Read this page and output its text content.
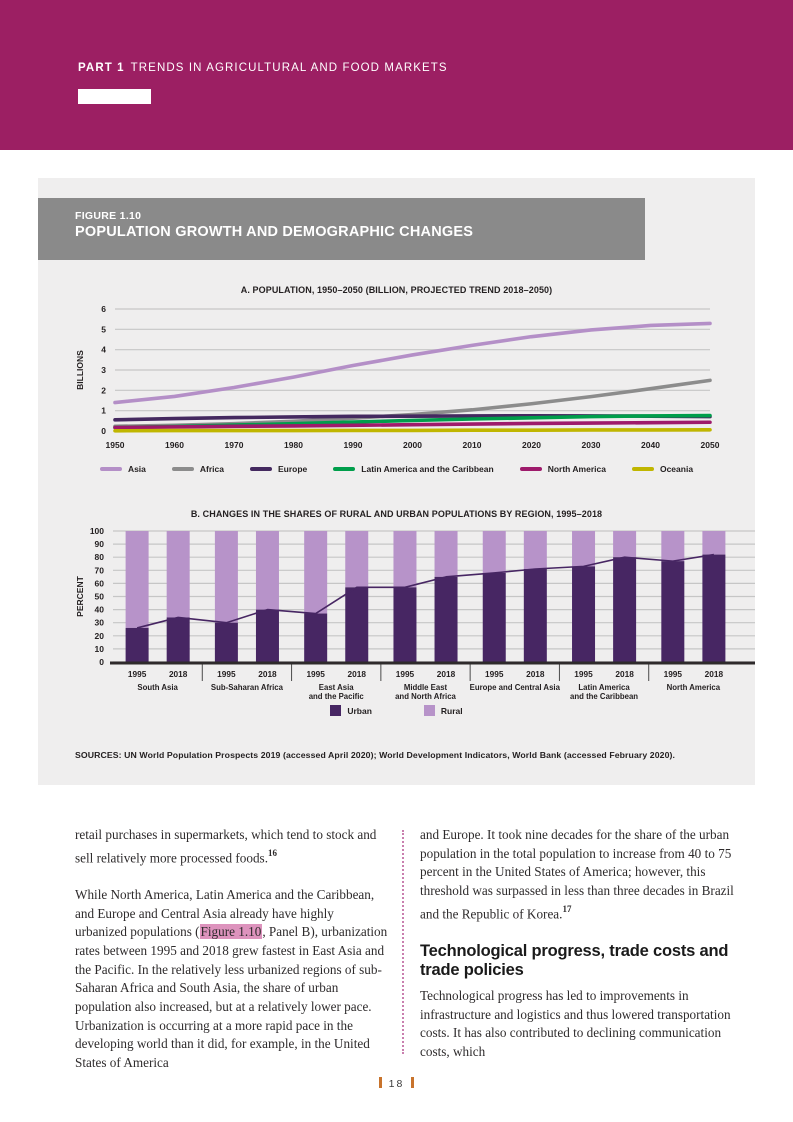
PART 1 TRENDS IN AGRICULTURAL AND FOOD MARKETS
FIGURE 1.10
POPULATION GROWTH AND DEMOGRAPHIC CHANGES
A. POPULATION, 1950–2050 (BILLION, PROJECTED TREND 2018–2050)
0
1
2
3
4
5
6
BILLIONS
1950	1960	1970	1980	1990	2000	2010	2020	2030	2040	2050
Asia	Africa	Europe	Latin America and the Caribbean	North America	Oceania
B. CHANGES IN THE SHARES OF RURAL AND URBAN POPULATIONS BY REGION, 1995–2018
0
10
20
30
40
50
60
70
80
90
100
PERCENT
1995	2018
South Asia
1995	2018
Sub-Saharan Africa
1995	2018
East Asia
and the Pacific
1995	2018
Middle East
and North Africa
1995	2018
Europe and Central Asia
1995	2018
Latin America
and the Caribbean
1995	2018
North America
Urban	Rural
SOURCES: UN World Population Prospects 2019 (accessed April 2020); World Development Indicators, World Bank (accessed February 2020).

retail purchases in supermarkets, which tend to stock and sell relatively more processed foods.$^{16}$

While North America, Latin America and the Caribbean, and Europe and Central Asia already have highly urbanized populations (Figure 1.10, Panel B), urbanization rates between 1995 and 2018 grew fastest in East Asia and the Pacific. In the relatively less urbanized regions of sub-Saharan Africa and South Asia, the share of urban population also increased, but at a relatively lower pace. Urbanization is occurring at a more rapid pace in the developing world than it did, for example, in the United States of America

and Europe. It took nine decades for the share of the urban population in the total population to increase from 40 to 75 percent in the United States of America; however, this threshold was surpassed in less than three decades in Brazil and the Republic of Korea.$^{17}$

Technological progress, trade costs and trade policies

Technological progress has led to improvements in infrastructure and logistics and thus lowered transportation costs. It has also contributed to declining communication costs, which

18
